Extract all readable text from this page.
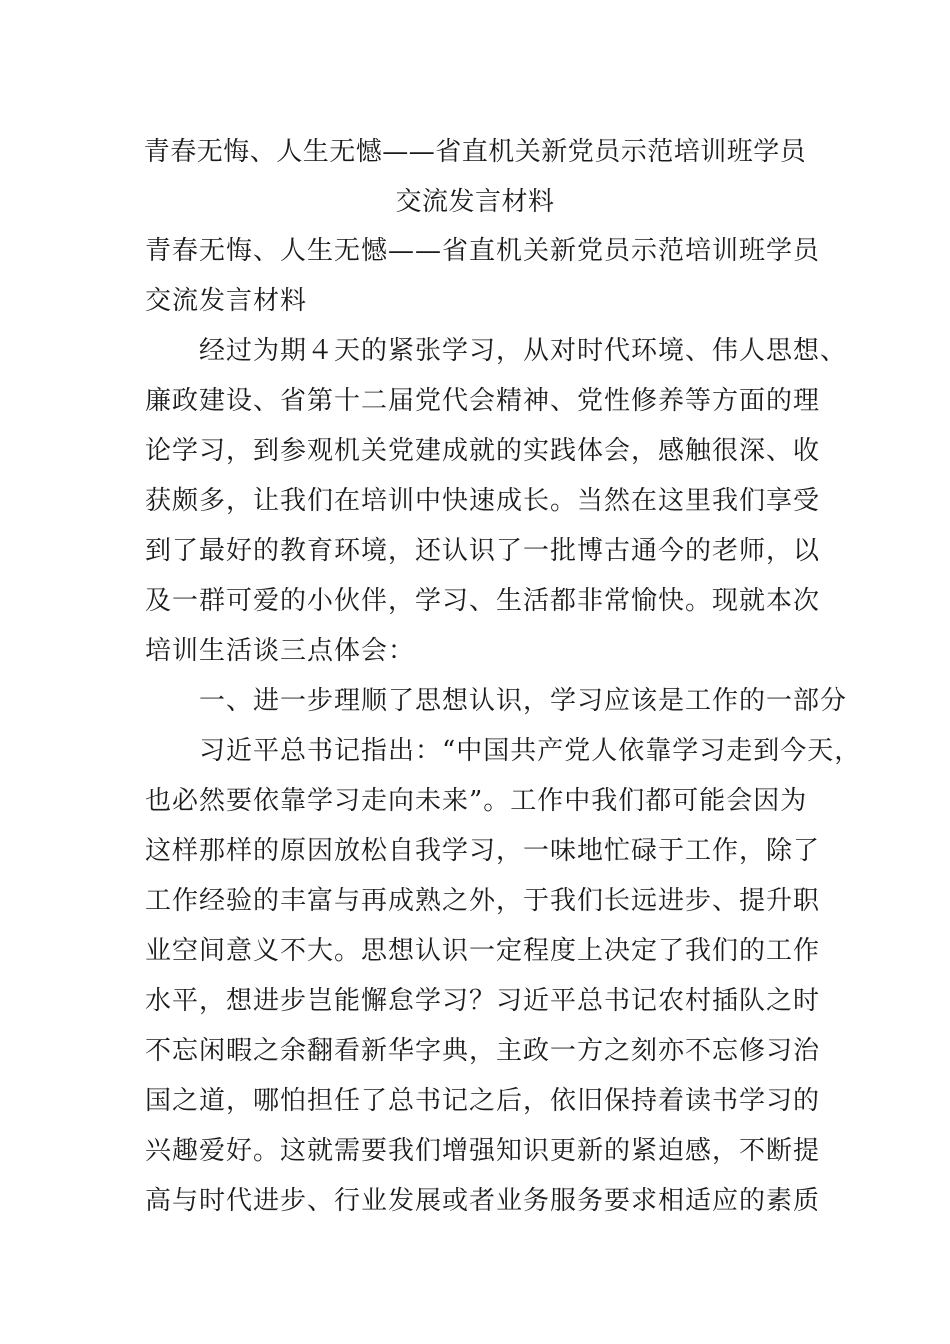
青春无悔、人生无憾——省直机关新党员示范培训班学员
交流发言材料
青春无悔、人生无憾——省直机关新党员示范培训班学员
交流发言材料
　　经过为期４天的紧张学习，从对时代环境、伟人思想、
廉政建设、省第十二届党代会精神、党性修养等方面的理
论学习，到参观机关党建成就的实践体会，感触很深、收
获颇多，让我们在培训中快速成长。当然在这里我们享受
到了最好的教育环境，还认识了一批博古通今的老师，以
及一群可爱的小伙伴，学习、生活都非常愉快。现就本次
培训生活谈三点体会：
　　一、进一步理顺了思想认识，学习应该是工作的一部分
　　习近平总书记指出：“中国共产党人依靠学习走到今天，
也必然要依靠学习走向未来”。工作中我们都可能会因为
这样那样的原因放松自我学习，一味地忙碌于工作，除了
工作经验的丰富与再成熟之外，于我们长远进步、提升职
业空间意义不大。思想认识一定程度上决定了我们的工作
水平，想进步岂能懈怠学习？习近平总书记农村插队之时
不忘闲暇之余翻看新华字典，主政一方之刻亦不忘修习治
国之道，哪怕担任了总书记之后，依旧保持着读书学习的
兴趣爱好。这就需要我们增强知识更新的紧迫感，不断提
高与时代进步、行业发展或者业务服务要求相适应的素质
